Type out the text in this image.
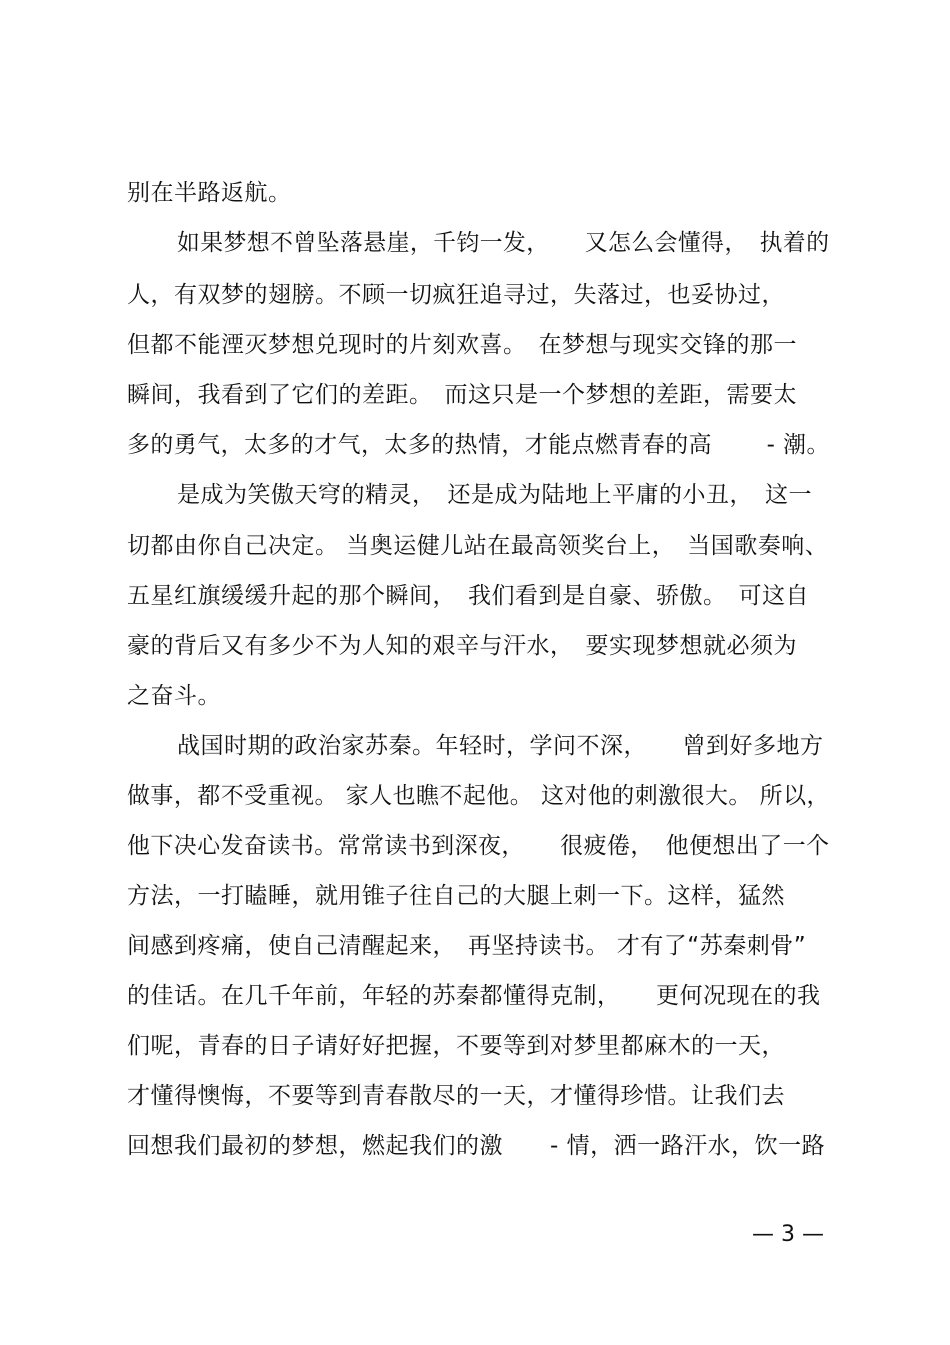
别在半路返航。
如果梦想不曾坠落悬崖，千钧一发，　　又怎么会懂得，　执着的
人，有双梦的翅膀。不顾一切疯狂追寻过，失落过，也妥协过，
但都不能湮灭梦想兑现时的片刻欢喜。　在梦想与现实交锋的那一
瞬间，我看到了它们的差距。　而这只是一个梦想的差距，需要太
多的勇气，太多的才气，太多的热情，才能点燃青春的高　　 - 潮。
是成为笑傲天穹的精灵，　还是成为陆地上平庸的小丑，　这一
切都由你自己决定。 当奥运健儿站在最高领奖台上，　当国歌奏响、
五星红旗缓缓升起的那个瞬间，　我们看到是自豪、骄傲。　可这自
豪的背后又有多少不为人知的艰辛与汗水，　要实现梦想就必须为
之奋斗。
战国时期的政治家苏秦。年轻时，学问不深，　　曾到好多地方
做事，都不受重视。 家人也瞧不起他。 这对他的刺激很大。 所以，
他下决心发奋读书。常常读书到深夜，　　很疲倦，　他便想出了一个
方法，一打瞌睡，就用锥子往自己的大腿上刺一下。这样，猛然
间感到疼痛，使自己清醒起来，　再坚持读书。 才有了“苏秦刺骨”
的佳话。在几千年前，年轻的苏秦都懂得克制，　　更何况现在的我
们呢，青春的日子请好好把握，不要等到对梦里都麻木的一天，
才懂得懊悔，不要等到青春散尽的一天，才懂得珍惜。让我们去
回想我们最初的梦想，燃起我们的激　　- 情，洒一路汗水，饮一路
— 3 —
